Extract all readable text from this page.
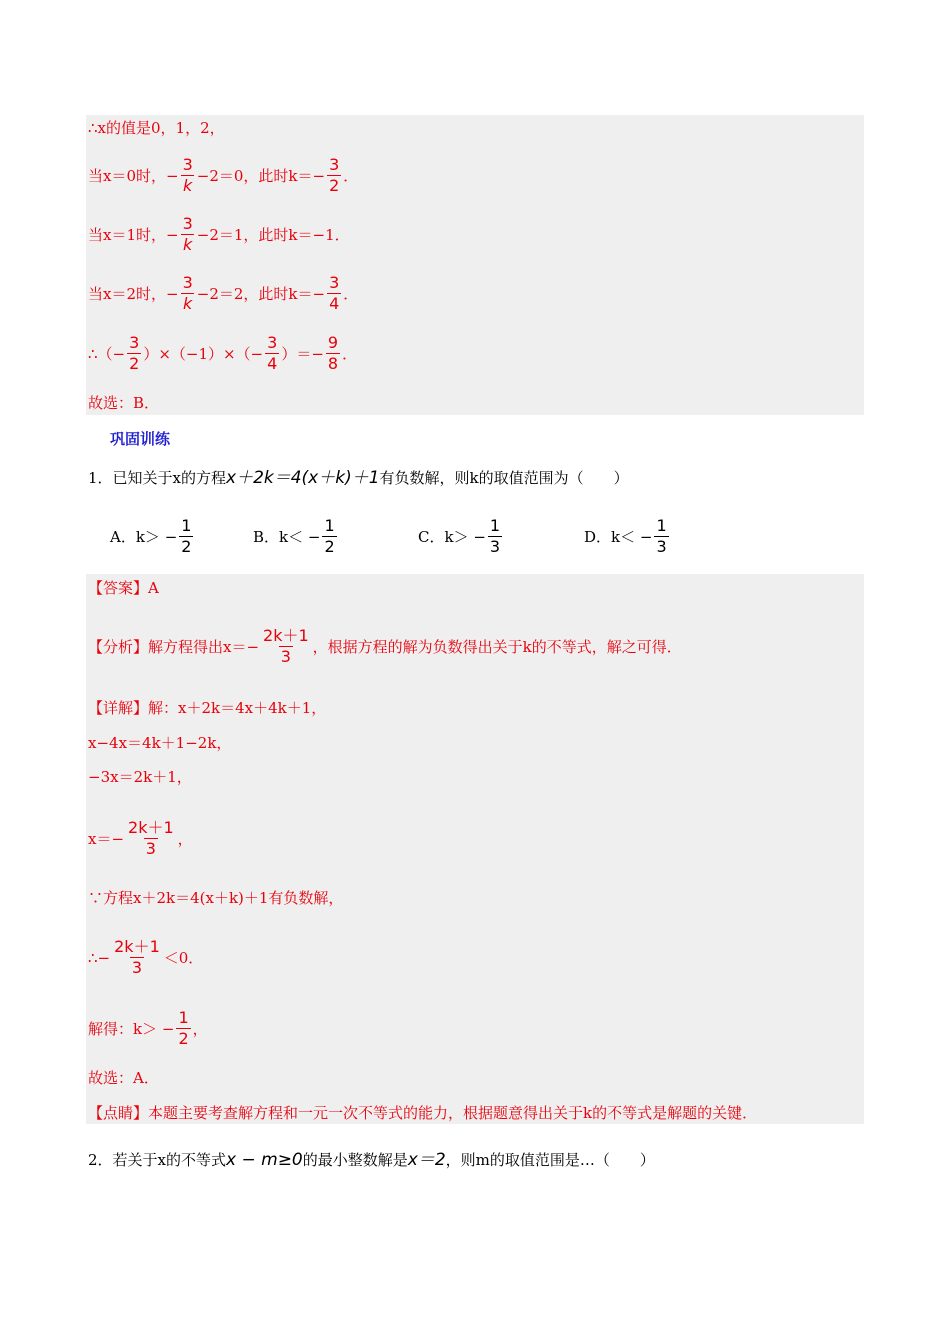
∴x的值是0，1，2，
当x＝0时，− $\frac{3}{k} -2=0$，此时$k=- \frac{3}{2}$ ．
当x＝1时，− $\frac{3}{k} -2=1$，此时k＝−1．
当x＝2时，− $\frac{3}{k} -2=2$，此时$k=- \frac{3}{4}$ ．
∴（− $\frac{3}{2} )\times(-1)\times(- \frac{3}{4}$ ）＝− $\frac{9}{8}$ ．
故选：B．
巩固训练
1．已知关于x的方程 x＋2k＝4(x＋k)＋1 有负数解，则k的取值范围为（　　）
A．$k> - \frac{1}{2}$	B．$k< - \frac{1}{2}$	C．$k> - \frac{1}{3}$	D．$k< - \frac{1}{3}$
【答案】A
【分析】解方程得出$x=- \frac{2k+1}{3}$ ，根据方程的解为负数得出关于k的不等式，解之可得．
【详解】解：x＋2k＝4x＋4k＋1，
x−4x＝4k＋1−2k，
−3x＝2k＋1，
$x=- \frac{2k+1}{3}$ ，
∵方程x＋2k＝4(x＋k)＋1有负数解，
∴− $\frac{2k+1}{3} <0$．
解得：$k> - \frac{1}{2}$ ，
故选：A．
【点睛】本题主要考查解方程和一元一次不等式的能力，根据题意得出关于k的不等式是解题的关键．
2．若关于x的不等式 x − m≥0 的最小整数解是 x＝2 ，则m的取值范围是…（　　）
